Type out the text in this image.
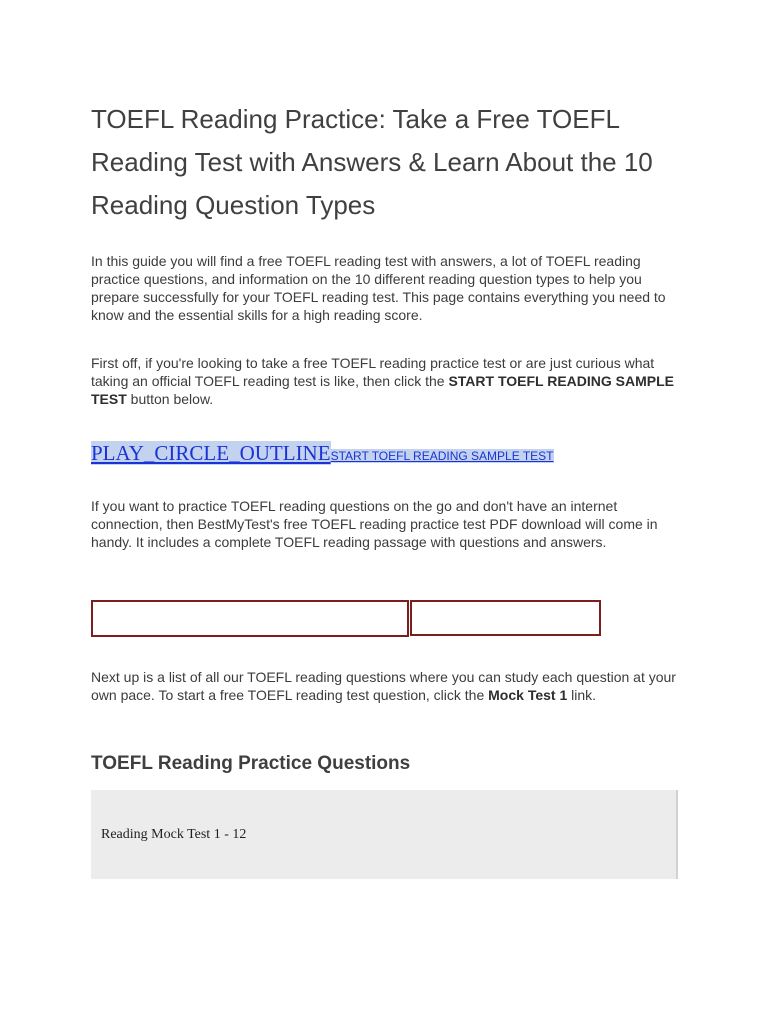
TOEFL Reading Practice: Take a Free TOEFL Reading Test with Answers & Learn About the 10 Reading Question Types

In this guide you will find a free TOEFL reading test with answers, a lot of TOEFL reading practice questions, and information on the 10 different reading question types to help you prepare successfully for your TOEFL reading test. This page contains everything you need to know and the essential skills for a high reading score.

First off, if you're looking to take a free TOEFL reading practice test or are just curious what taking an official TOEFL reading test is like, then click the START TOEFL READING SAMPLE TEST button below.

PLAY_CIRCLE_OUTLINESTART TOEFL READING SAMPLE TEST

If you want to practice TOEFL reading questions on the go and don't have an internet connection, then BestMyTest's free TOEFL reading practice test PDF download will come in handy. It includes a complete TOEFL reading passage with questions and answers.

Next up is a list of all our TOEFL reading questions where you can study each question at your own pace. To start a free TOEFL reading test question, click the Mock Test 1 link.

TOEFL Reading Practice Questions
Reading Mock Test 1 - 12
